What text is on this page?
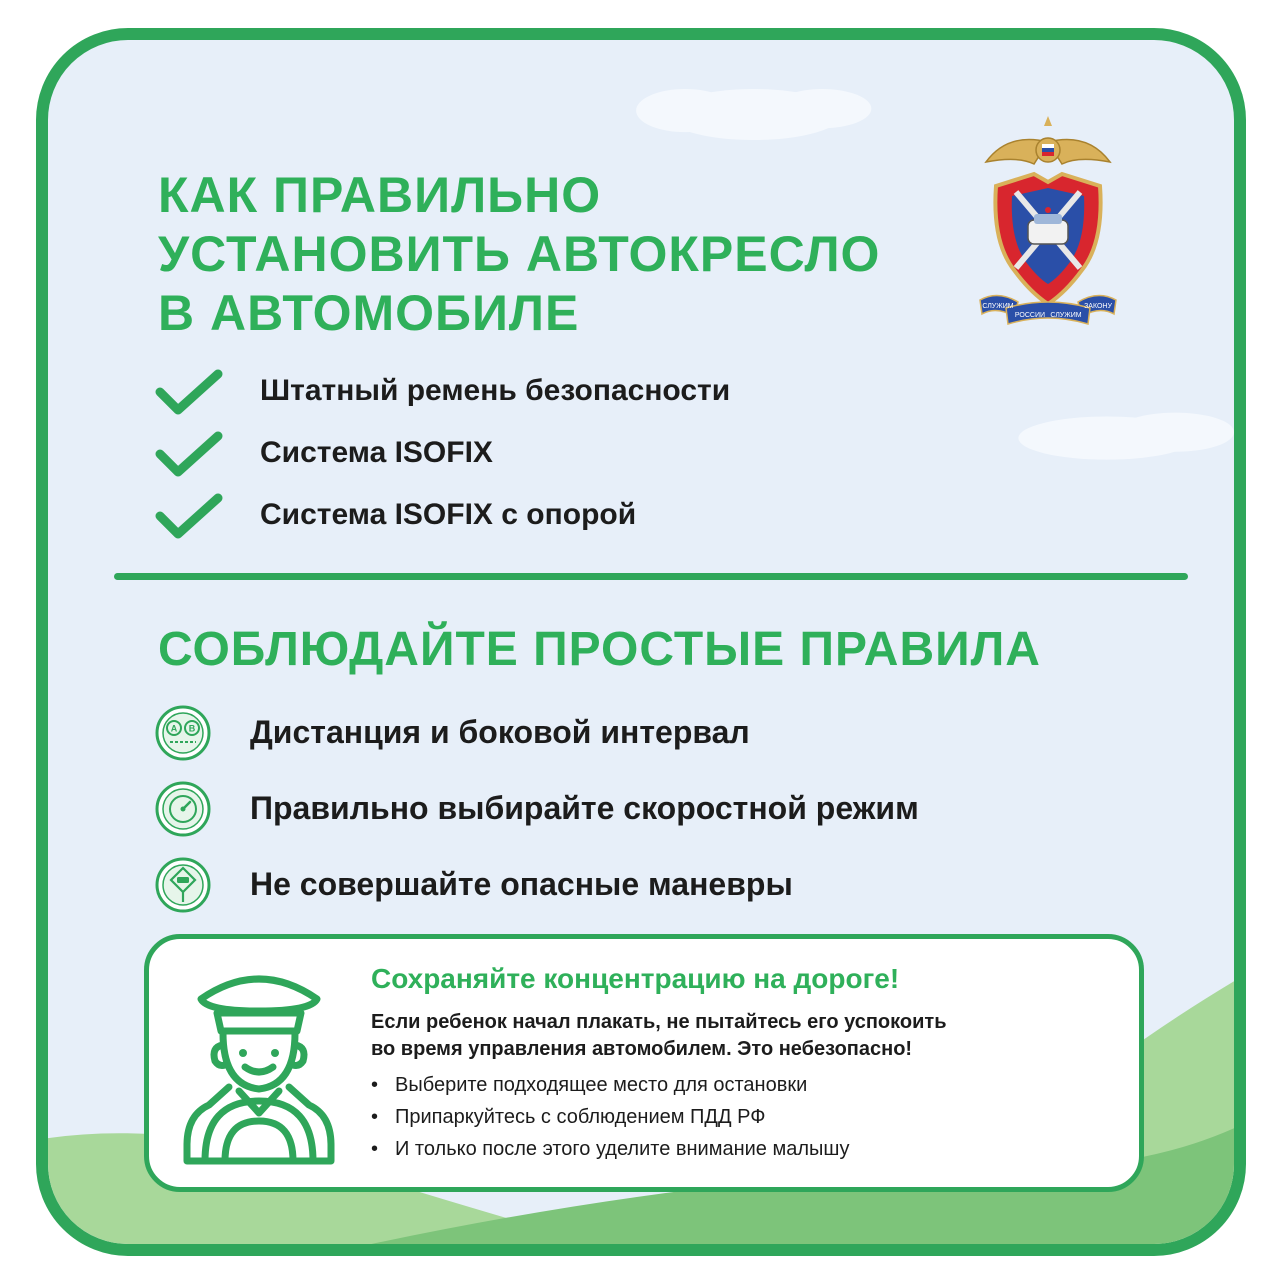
КАК ПРАВИЛЬНО
УСТАНОВИТЬ АВТОКРЕСЛО
В АВТОМОБИЛЕ	СЛУЖИМ
РОССИИ СЛУЖИМ
ЗАКОНУ
Штатный ремень безопасности
Система ISOFIX
Система ISOFIX с опорой
СОБЛЮДАЙТЕ ПРОСТЫЕ ПРАВИЛА
A B Дистанция и боковой интервал
Правильно выбирайте скоростной режим
Не совершайте опасные маневры
Сохраняйте концентрацию на дороге!
Если ребенок начал плакать, не пытайтесь его успокоить
во время управления автомобилем. Это небезопасно!
• Выберите подходящее место для остановки
• Припаркуйтесь с соблюдением ПДД РФ
• И только после этого уделите внимание малышу
